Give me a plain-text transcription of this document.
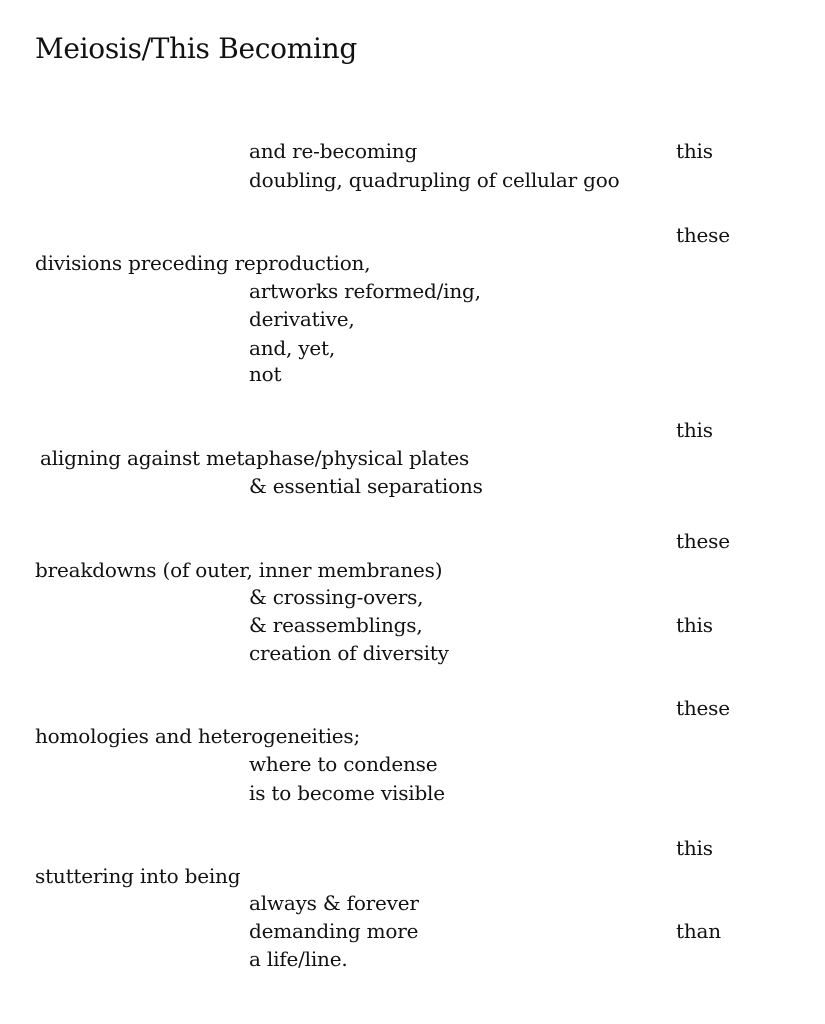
Meiosis/This Becoming
and re-becoming	this
doubling, quadrupling of cellular goo
these
divisions preceding reproduction,
artworks reformed/ing,
derivative,
and, yet,
not
this
aligning against metaphase/physical plates
& essential separations
these
breakdowns (of outer, inner membranes)
& crossing-overs,
& reassemblings,	this
creation of diversity
these
homologies and heterogeneities;
where to condense
is to become visible
this
stuttering into being
always & forever
demanding more	than
a life/line.
